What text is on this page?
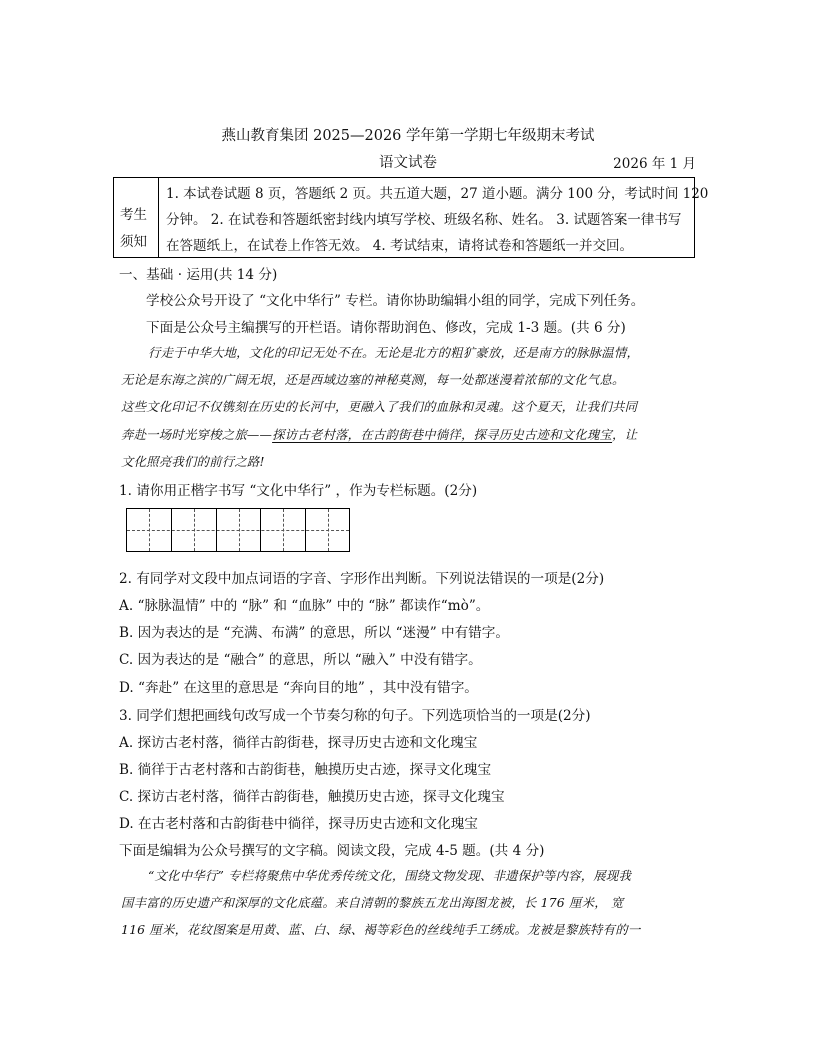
燕山教育集团 2025—2026 学年第一学期七年级期末考试
语文试卷	2026 年 1 月
考生
须知
1. 本试卷试题 8 页，答题纸 2 页。共五道大题，27 道小题。满分 100 分，考试时间 120
分钟。 2. 在试卷和答题纸密封线内填写学校、班级名称、姓名。 3. 试题答案一律书写
在答题纸上，在试卷上作答无效。 4. 考试结束，请将试卷和答题纸一并交回。
一、基础 · 运用(共 14 分)
学校公众号开设了 “文化中华行” 专栏。请你协助编辑小组的同学，完成下列任务。
下面是公众号主编撰写的开栏语。请你帮助润色、修改，完成 1-3 题。(共 6 分)
行走于中华大地，文化的印记无处不在。无论是北方的粗犷豪放，还是南方的脉脉温情，
无论是东海之滨的广阔无垠，还是西域边塞的神秘莫测，每一处都迷漫着浓郁的文化气息。
这些文化印记不仅镌刻在历史的长河中，更融入了我们的血脉和灵魂。这个夏天，让我们共同
奔赴一场时光穿梭之旅——探访古老村落，在古韵街巷中徜徉，探寻历史古迹和文化瑰宝，让
文化照亮我们的前行之路!
1. 请你用正楷字书写 “文化中华行” ，作为专栏标题。(2分)
2. 有同学对文段中加点词语的字音、字形作出判断。下列说法错误的一项是(2分)
A. “脉脉温情” 中的 “脉” 和 “血脉” 中的 “脉” 都读作“mò”。
B. 因为表达的是 “充满、布满” 的意思，所以 “迷漫” 中有错字。
C. 因为表达的是 “融合” 的意思，所以 “融入” 中没有错字。
D. “奔赴” 在这里的意思是 “奔向目的地” ，其中没有错字。
3. 同学们想把画线句改写成一个节奏匀称的句子。下列选项恰当的一项是(2分)
A. 探访古老村落，徜徉古韵街巷，探寻历史古迹和文化瑰宝
B. 徜徉于古老村落和古韵街巷，触摸历史古迹，探寻文化瑰宝
C. 探访古老村落，徜徉古韵街巷，触摸历史古迹，探寻文化瑰宝
D. 在古老村落和古韵街巷中徜徉，探寻历史古迹和文化瑰宝
下面是编辑为公众号撰写的文字稿。阅读文段，完成 4-5 题。(共 4 分)
“文化中华行” 专栏将聚焦中华优秀传统文化，围绕文物发现、非遗保护等内容，展现我
国丰富的历史遗产和深厚的文化底蕴。来自清朝的黎族五龙出海图龙被，长 176 厘米， 宽
116 厘米，花纹图案是用黄、蓝、白、绿、褐等彩色的丝线纯手工绣成。龙被是黎族特有的一
